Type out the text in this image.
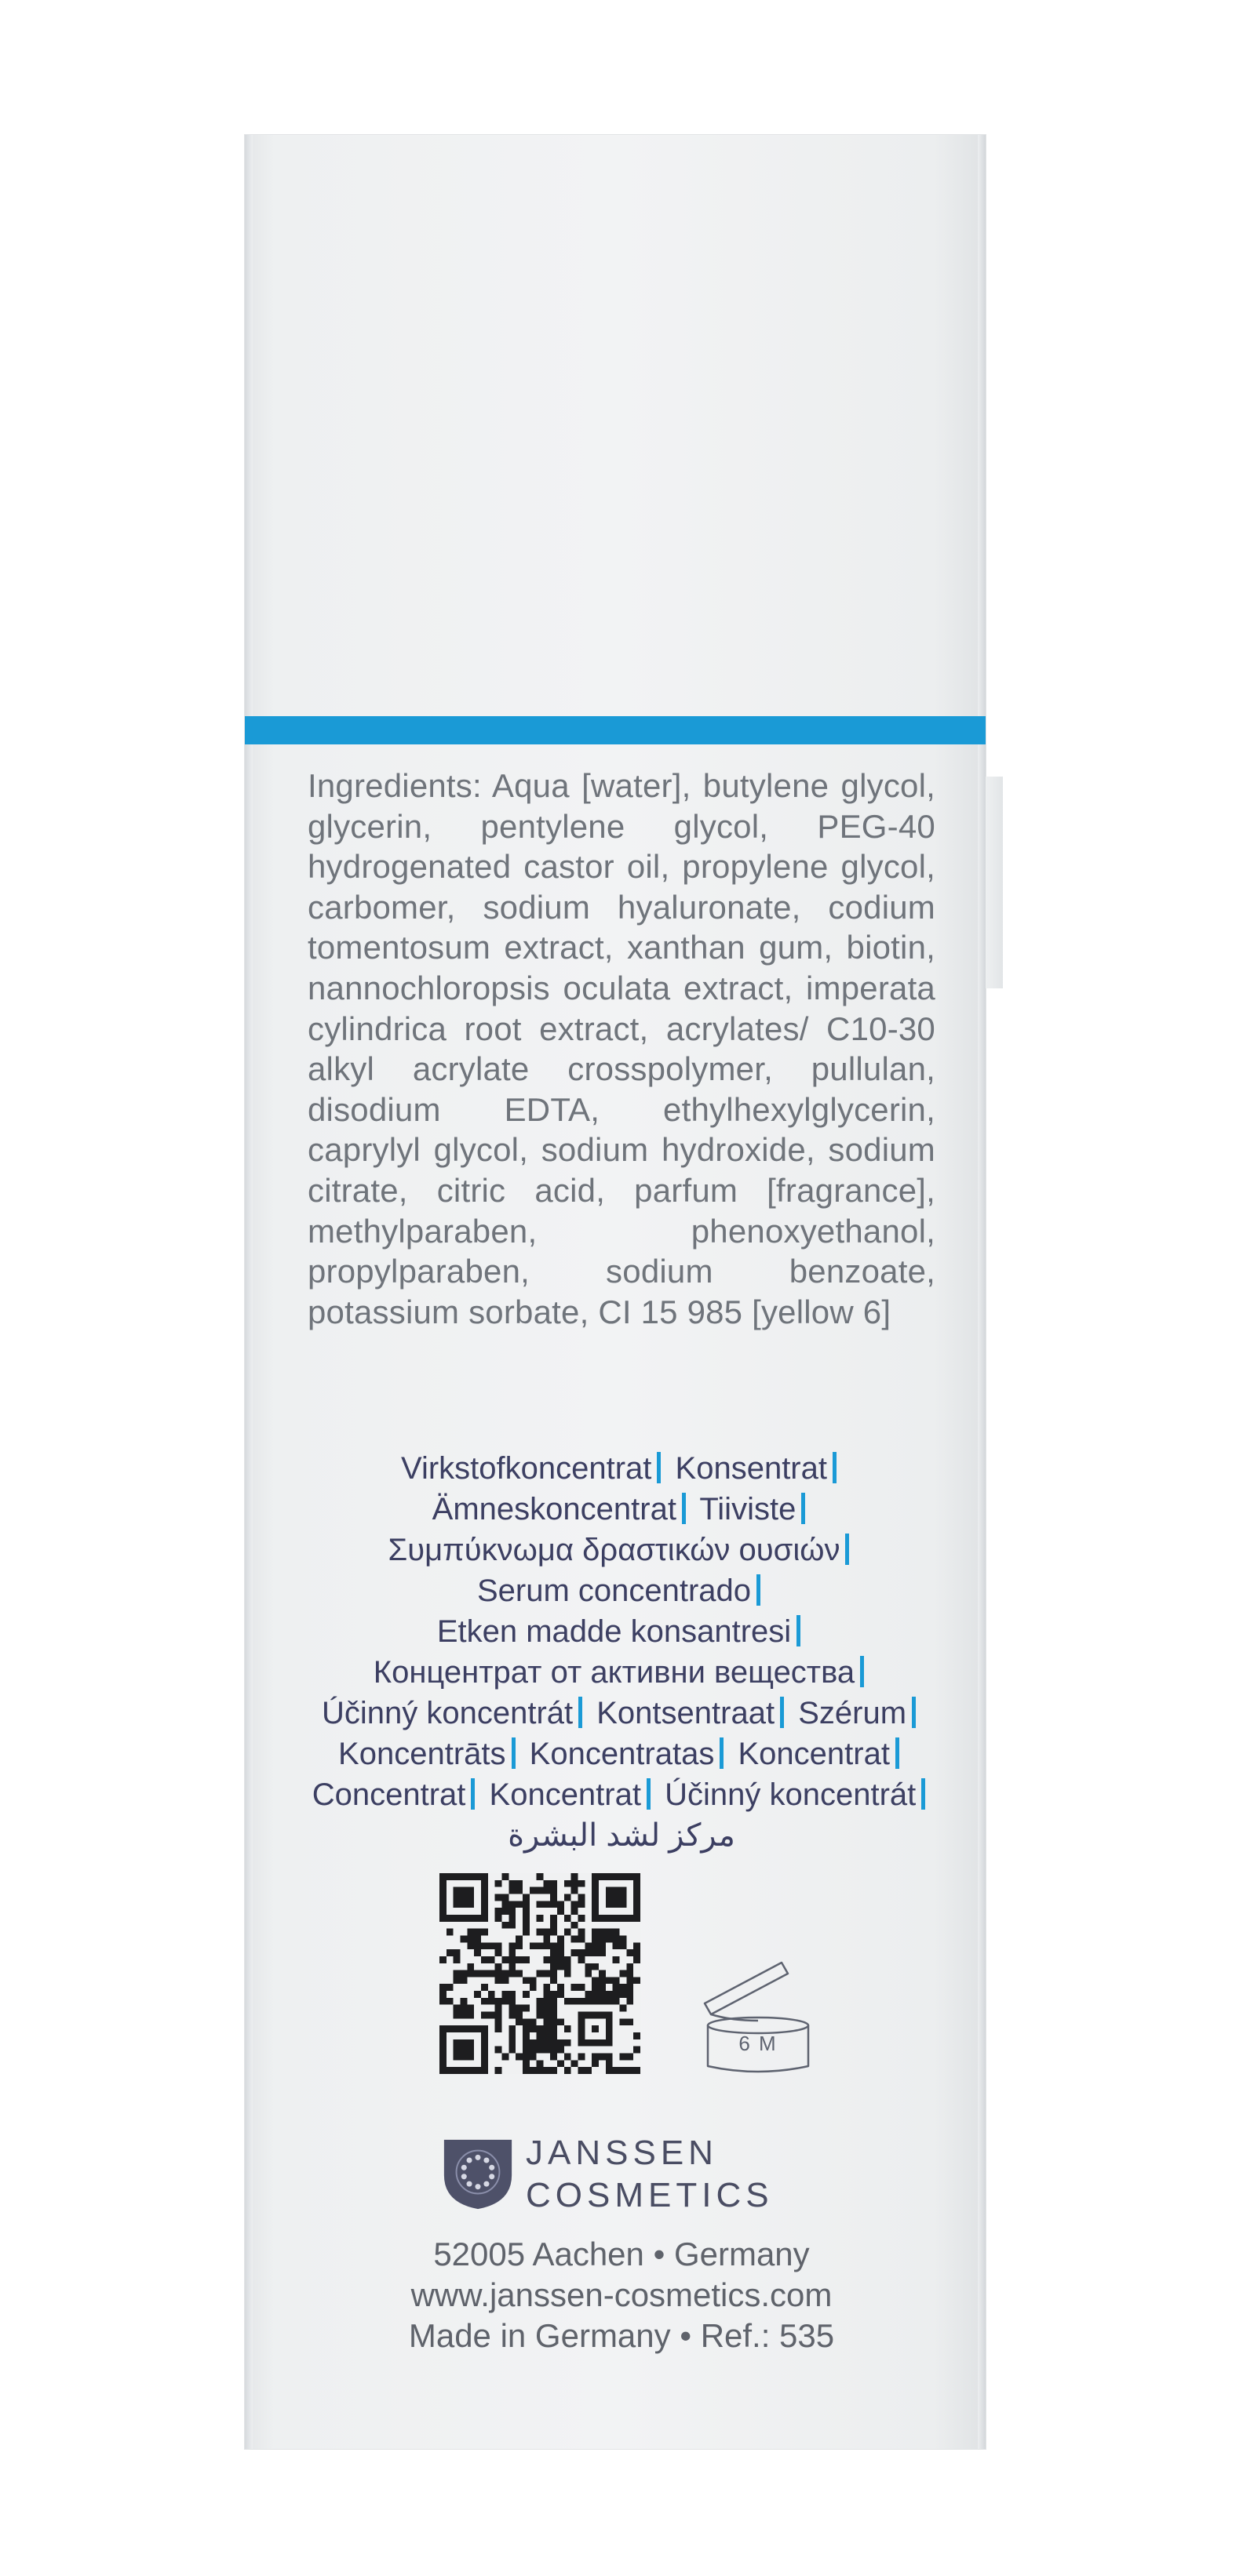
Ingredients: Aqua [water], butylene glycol, glycerin, pentylene glycol, PEG-40 hydrogenated castor oil, propylene glycol, carbomer, sodium hyaluronate, codium tomentosum extract, xanthan gum, biotin, nannochloropsis oculata extract, imperata cylindrica root extract, acrylates/ C10-30 alkyl acrylate crosspolymer, pullulan, disodium EDTA, ethylhexylglycerin, caprylyl glycol, sodium hydroxide, sodium citrate, citric acid, parfum [fragrance], methylparaben, phenoxyethanol, propylparaben, sodium benzoate, potassium sorbate, CI 15 985 [yellow 6]
Virkstofkoncentrat Konsentrat Ämneskoncentrat Tiiviste Συμπύκνωμα δραστικών ουσιών Serum concentrado Etken madde konsantresi Концентрат от активни вещества Účinný koncentrát Kontsentraat Szérum Koncentrāts Koncentratas Koncentrat Concentrat Koncentrat Účinný koncentrát مركز لشد البشرة
6 M
JANSSEN
COSMETICS
52005 Aachen • Germany
www.janssen-cosmetics.com
Made in Germany • Ref.: 535
